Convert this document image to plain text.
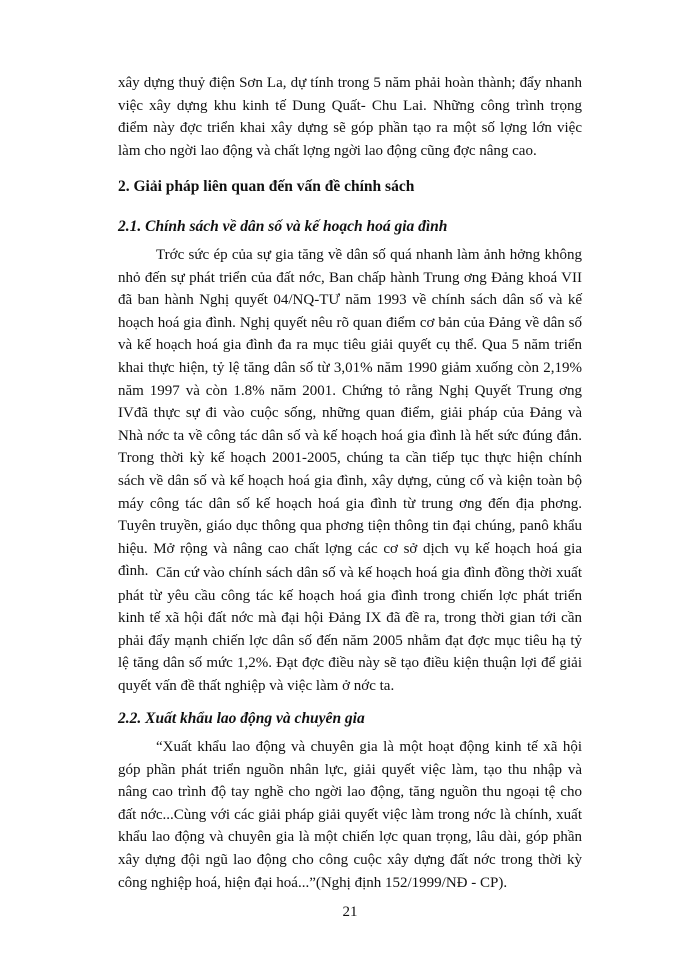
xây dựng thuỷ điện Sơn La, dự tính trong 5 năm phải hoàn thành; đẩy nhanh việc xây dựng khu kinh tế Dung Quất- Chu Lai. Những công trình trọng điểm này đợc triển khai xây dựng sẽ góp phần tạo ra một số lợng lớn việc làm cho ngời lao động và chất lợng ngời lao động cũng đợc nâng cao.

2. Giải pháp liên quan đến vấn đề chính sách

2.1. Chính sách về dân số và kế hoạch hoá gia đình

Trớc sức ép của sự gia tăng về dân số quá nhanh làm ảnh hởng không nhỏ đến sự phát triển của đất nớc, Ban chấp hành Trung ơng Đảng khoá VII đã ban hành Nghị quyết 04/NQ-TƯ năm 1993 về chính sách dân số và kế hoạch hoá gia đình. Nghị quyết nêu rõ quan điểm cơ bản của Đảng về dân số và kế hoạch hoá gia đình đa ra mục tiêu giải quyết cụ thể. Qua 5 năm triển khai thực hiện, tỷ lệ tăng dân số từ 3,01% năm 1990 giảm xuống còn 2,19% năm 1997 và còn 1.8% năm 2001. Chứng tỏ rằng Nghị Quyết Trung ơng IVđã thực sự đi vào cuộc sống, những quan điểm, giải pháp của Đảng và Nhà nớc ta về công tác dân số và kế hoạch hoá gia đình là hết sức đúng đắn. Trong thời kỳ kế hoạch 2001-2005, chúng ta cần tiếp tục thực hiện chính sách về dân số và kế hoạch hoá gia đình, xây dựng, củng cố và kiện toàn bộ máy công tác dân số kế hoạch hoá gia đình từ trung ơng đến địa phơng. Tuyên truyền, giáo dục thông qua phơng tiện thông tin đại chúng, panô khẩu hiệu. Mở rộng và nâng cao chất lợng các cơ sở dịch vụ kế hoạch hoá gia đình. Căn cứ vào chính sách dân số và kế hoạch hoá gia đình đồng thời xuất phát từ yêu cầu công tác kế hoạch hoá gia đình trong chiến lợc phát triển kinh tế xã hội đất nớc mà đại hội Đảng IX đã đề ra, trong thời gian tới cần phải đẩy mạnh chiến lợc dân số đến năm 2005 nhằm đạt đợc mục tiêu hạ tỷ lệ tăng dân số mức 1,2%. Đạt đợc điều này sẽ tạo điều kiện thuận lợi để giải quyết vấn đề thất nghiệp và việc làm ở nớc ta.

2.2. Xuất khẩu lao động và chuyên gia

“Xuất khẩu lao động và chuyên gia là một hoạt động kinh tế xã hội góp phần phát triển nguồn nhân lực, giải quyết việc làm, tạo thu nhập và nâng cao trình độ tay nghề cho ngời lao động, tăng nguồn thu ngoại tệ cho đất nớc...Cùng với các giải pháp giải quyết việc làm trong nớc là chính, xuất khẩu lao động và chuyên gia là một chiến lợc quan trọng, lâu dài, góp phần xây dựng đội ngũ lao động cho công cuộc xây dựng đất nớc trong thời kỳ công nghiệp hoá, hiện đại hoá...”(Nghị định 152/1999/NĐ - CP).

21
